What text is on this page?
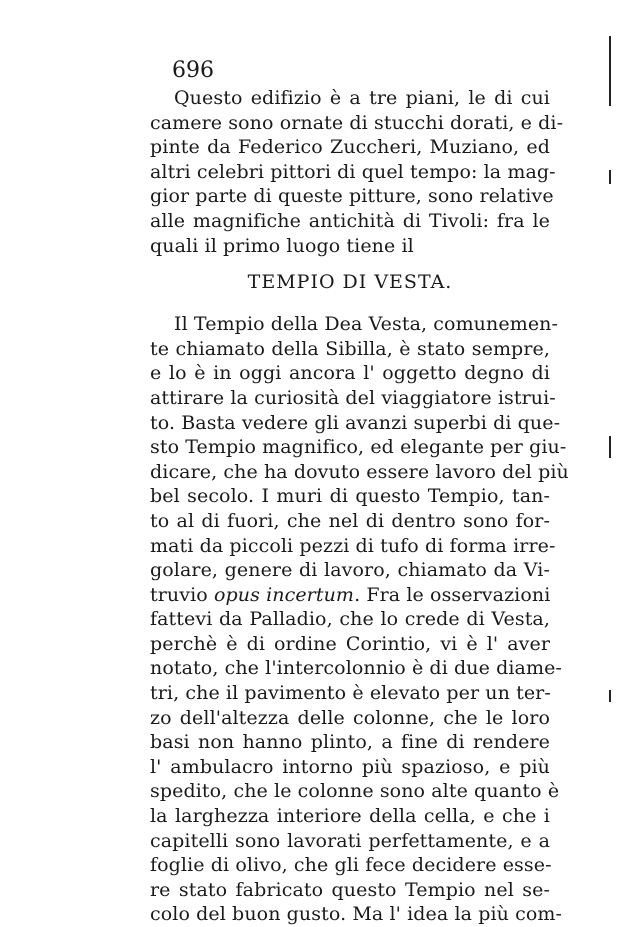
696
Questo edifizio è a tre piani, le di cui
camere sono ornate di stucchi dorati, e di-
pinte da Federico Zuccheri, Muziano, ed
altri celebri pittori di quel tempo: la mag-
gior parte di queste pitture, sono relative
alle magnifiche antichità di Tivoli: fra le
quali il primo luogo tiene il
TEMPIO DI VESTA.
Il Tempio della Dea Vesta, comunemen-
te chiamato della Sibilla, è stato sempre,
e lo è in oggi ancora l' oggetto degno di
attirare la curiosità del viaggiatore istrui-
to. Basta vedere gli avanzi superbi di que-
sto Tempio magnifico, ed elegante per giu-
dicare, che ha dovuto essere lavoro del più
bel secolo. I muri di questo Tempio, tan-
to al di fuori, che nel di dentro sono for-
mati da piccoli pezzi di tufo di forma irre-
golare, genere di lavoro, chiamato da Vi-
truvio opus incertum. Fra le osservazioni
fattevi da Palladio, che lo crede di Vesta,
perchè è di ordine Corintio, vi è l' aver
notato, che l'intercolonnio è di due diame-
tri, che il pavimento è elevato per un ter-
zo dell'altezza delle colonne, che le loro
basi non hanno plinto, a fine di rendere
l' ambulacro intorno più spazioso, e più
spedito, che le colonne sono alte quanto è
la larghezza interiore della cella, e che i
capitelli sono lavorati perfettamente, e a
foglie di olivo, che gli fece decidere esse-
re stato fabricato questo Tempio nel se-
colo del buon gusto. Ma l' idea la più com-
